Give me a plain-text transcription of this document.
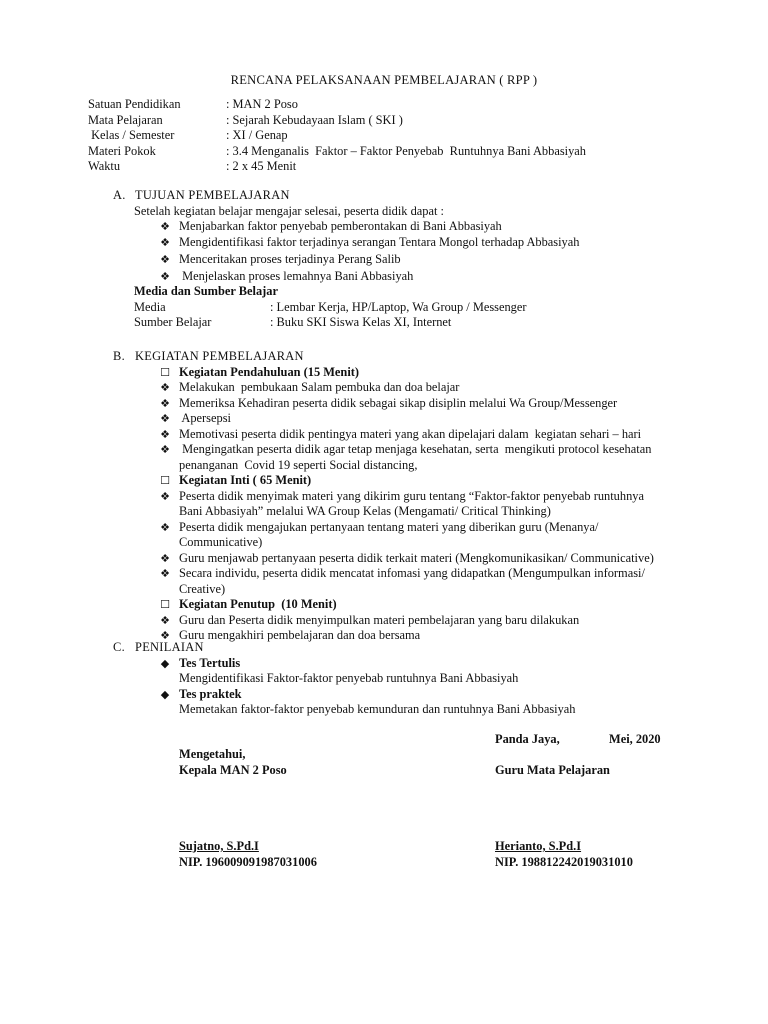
RENCANA PELAKSANAAN PEMBELAJARAN ( RPP )
Satuan Pendidikan	: MAN 2 Poso
Mata Pelajaran	: Sejarah Kebudayaan Islam ( SKI )
Kelas / Semester	: XI / Genap
Materi Pokok	: 3.4 Menganalis  Faktor – Faktor Penyebab  Runtuhnya Bani Abbasiyah
Waktu	: 2 x 45 Menit
A. TUJUAN PEMBELAJARAN
Setelah kegiatan belajar mengajar selesai, peserta didik dapat :
❖ Menjabarkan faktor penyebab pemberontakan di Bani Abbasiyah
❖ Mengidentifikasi faktor terjadinya serangan Tentara Mongol terhadap Abbasiyah
❖ Menceritakan proses terjadinya Perang Salib
❖ Menjelaskan proses lemahnya Bani Abbasiyah
Media dan Sumber Belajar
Media	: Lembar Kerja, HP/Laptop, Wa Group / Messenger
Sumber Belajar	: Buku SKI Siswa Kelas XI, Internet
B. KEGIATAN PEMBELAJARAN
☐ Kegiatan Pendahuluan (15 Menit)
❖ Melakukan  pembukaan Salam pembuka dan doa belajar
❖ Memeriksa Kehadiran peserta didik sebagai sikap disiplin melalui Wa Group/Messenger
❖ Apersepsi
❖ Memotivasi peserta didik pentingya materi yang akan dipelajari dalam  kegiatan sehari – hari
❖ Mengingatkan peserta didik agar tetap menjaga kesehatan, serta  mengikuti protocol kesehatan
penanganan  Covid 19 seperti Social distancing,
☐ Kegiatan Inti ( 65 Menit)
❖ Peserta didik menyimak materi yang dikirim guru tentang “Faktor-faktor penyebab runtuhnya
Bani Abbasiyah” melalui WA Group Kelas (Mengamati/ Critical Thinking)
❖ Peserta didik mengajukan pertanyaan tentang materi yang diberikan guru (Menanya/
Communicative)
❖ Guru menjawab pertanyaan peserta didik terkait materi (Mengkomunikasikan/ Communicative)
❖ Secara individu, peserta didik mencatat infomasi yang didapatkan (Mengumpulkan informasi/
Creative)
☐ Kegiatan Penutup  (10 Menit)
❖ Guru dan Peserta didik menyimpulkan materi pembelajaran yang baru dilakukan
❖ Guru mengakhiri pembelajaran dan doa bersama
C. PENILAIAN
◆ Tes Tertulis
Mengidentifikasi Faktor-faktor penyebab runtuhnya Bani Abbasiyah
◆ Tes praktek
Memetakan faktor-faktor penyebab kemunduran dan runtuhnya Bani Abbasiyah
Panda Jaya,	Mei, 2020
Mengetahui,
Kepala MAN 2 Poso	Guru Mata Pelajaran
Sujatno, S.Pd.I
NIP. 196009091987031006
Herianto, S.Pd.I
NIP. 198812242019031010
